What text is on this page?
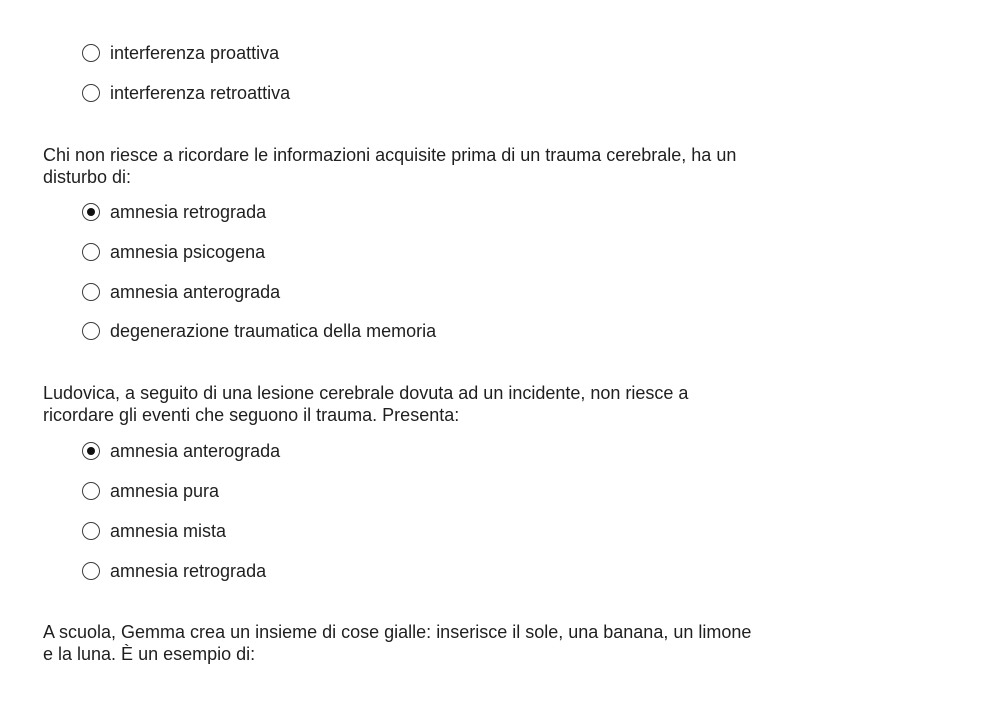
interferenza proattiva
interferenza retroattiva

Chi non riesce a ricordare le informazioni acquisite prima di un trauma cerebrale, ha un disturbo di:

amnesia retrograda
amnesia psicogena
amnesia anterograda
degenerazione traumatica della memoria

Ludovica, a seguito di una lesione cerebrale dovuta ad un incidente, non riesce a ricordare gli eventi che seguono il trauma. Presenta:

amnesia anterograda
amnesia pura
amnesia mista
amnesia retrograda

A scuola, Gemma crea un insieme di cose gialle: inserisce il sole, una banana, un limone e la luna. È un esempio di:
